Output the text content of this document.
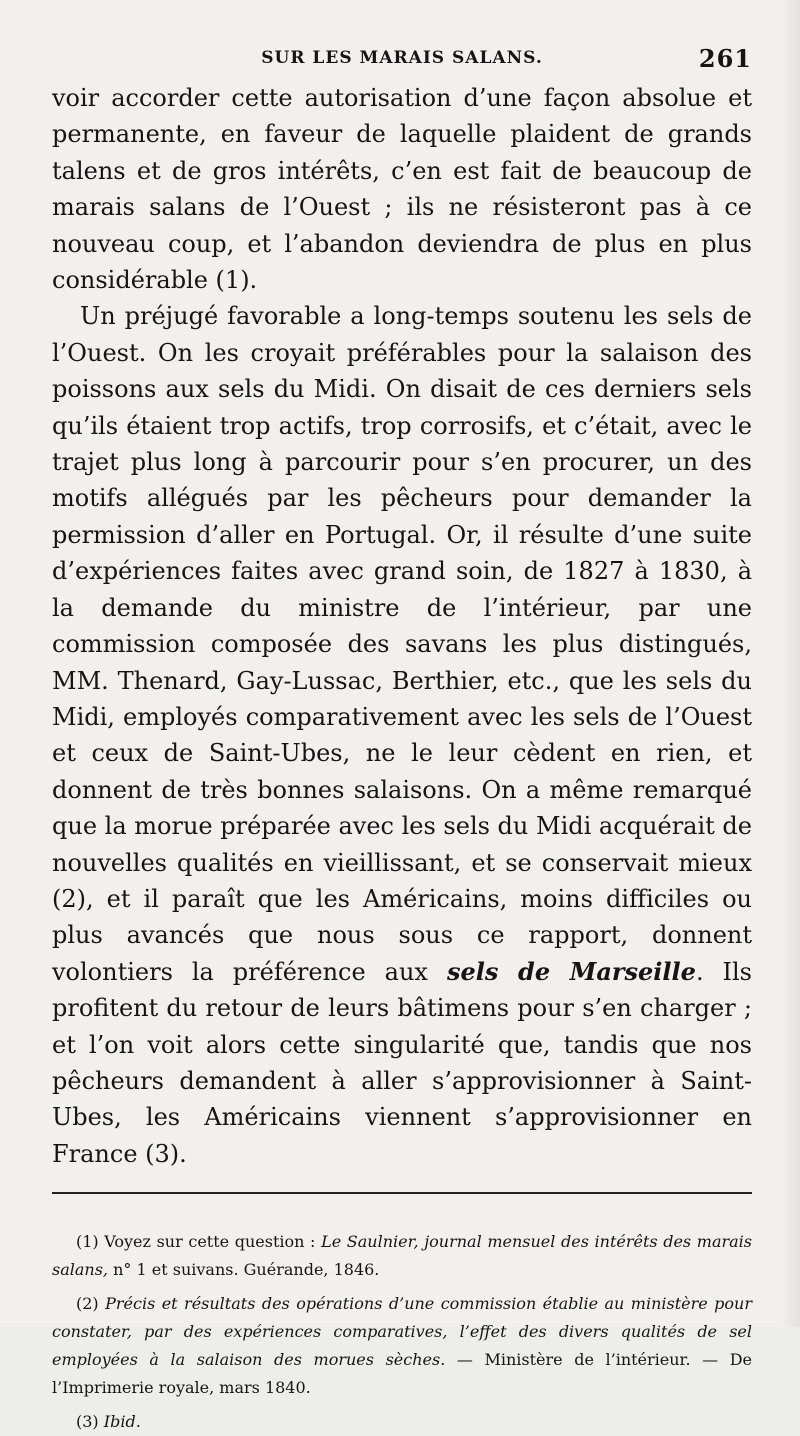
SUR LES MARAIS SALANS.	261

voir accorder cette autorisation d’une façon absolue et permanente, en faveur de laquelle plaident de grands talens et de gros intérêts, c’en est fait de beaucoup de marais salans de l’Ouest ; ils ne résisteront pas à ce nouveau coup, et l’abandon deviendra de plus en plus considérable (1).

Un préjugé favorable a long-temps soutenu les sels de l’Ouest. On les croyait préférables pour la salaison des poissons aux sels du Midi. On disait de ces derniers sels qu’ils étaient trop actifs, trop corrosifs, et c’était, avec le trajet plus long à parcourir pour s’en procurer, un des motifs allégués par les pêcheurs pour demander la permission d’aller en Portugal. Or, il résulte d’une suite d’expériences faites avec grand soin, de 1827 à 1830, à la demande du ministre de l’intérieur, par une commission composée des savans les plus distingués, MM. Thenard, Gay-Lussac, Berthier, etc., que les sels du Midi, employés comparativement avec les sels de l’Ouest et ceux de Saint-Ubes, ne le leur cèdent en rien, et donnent de très bonnes salaisons. On a même remarqué que la morue préparée avec les sels du Midi acquérait de nouvelles qualités en vieillissant, et se conservait mieux (2), et il paraît que les Américains, moins difficiles ou plus avancés que nous sous ce rapport, donnent volontiers la préférence aux sels de Marseille. Ils profitent du retour de leurs bâtimens pour s’en charger ; et l’on voit alors cette singularité que, tandis que nos pêcheurs demandent à aller s’approvisionner à Saint-Ubes, les Américains viennent s’approvisionner en France (3).

(1) Voyez sur cette question : Le Saulnier, journal mensuel des intérêts des marais salans, n° 1 et suivans. Guérande, 1846.

(2) Précis et résultats des opérations d’une commission établie au ministère pour constater, par des expériences comparatives, l’effet des divers qualités de sel employées à la salaison des morues sèches. — Ministère de l’intérieur. — De l’Imprimerie royale, mars 1840.

(3) Ibid.
